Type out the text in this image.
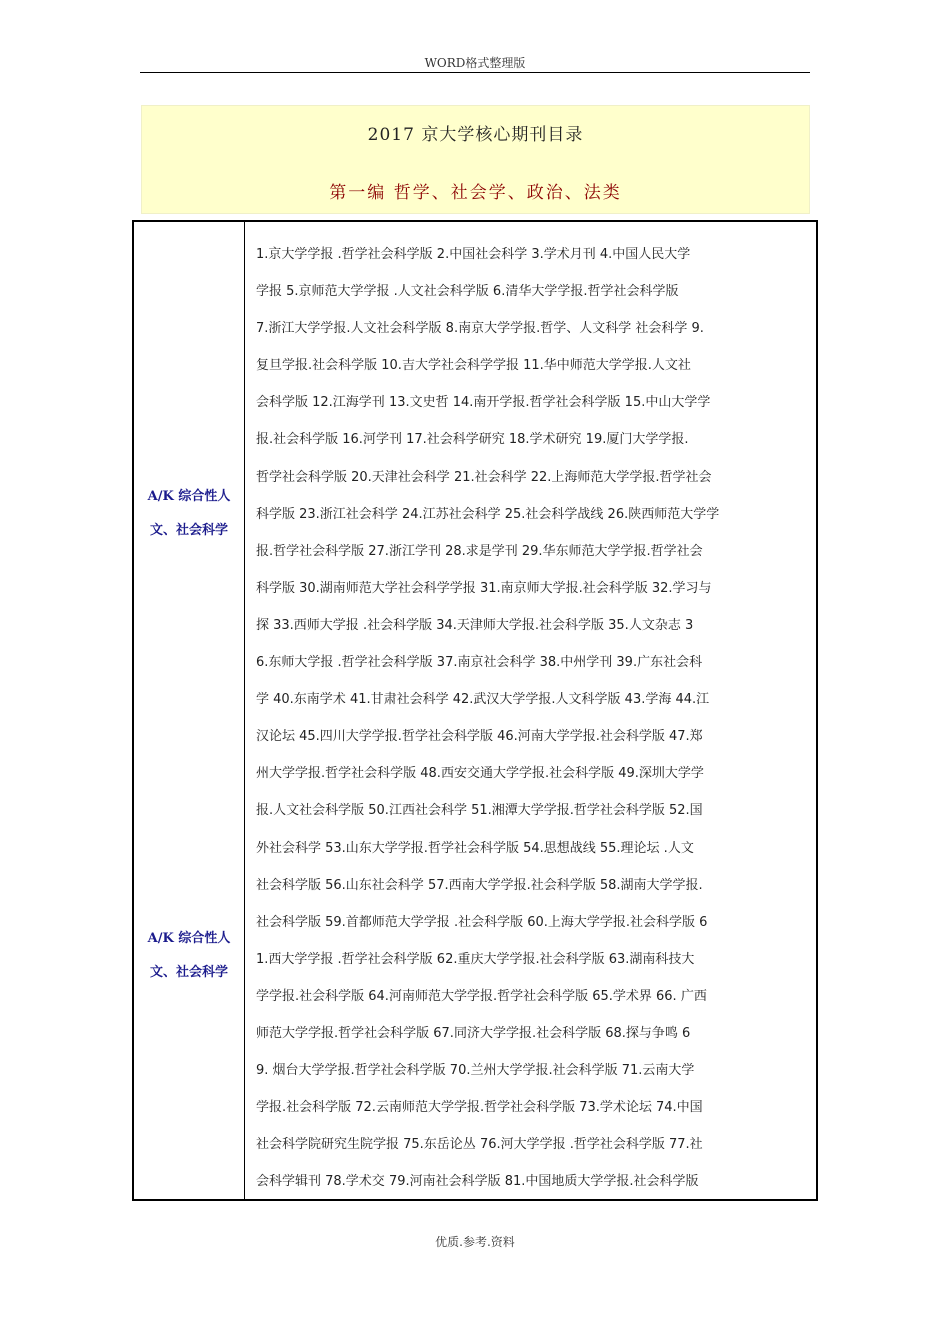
WORD格式整理版
2017 京大学核心期刊目录
第一编 哲学、社会学、政治、法类
A/K 综合性人
文、社会科学
A/K 综合性人
文、社会科学
1.京大学学报 .哲学社会科学版 2.中国社会科学 3.学术月刊 4.中国人民大学
学报 5.京师范大学学报 .人文社会科学版 6.清华大学学报.哲学社会科学版
7.浙江大学学报.人文社会科学版 8.南京大学学报.哲学、人文科学 社会科学 9.
复旦学报.社会科学版 10.吉大学社会科学学报 11.华中师范大学学报.人文社
会科学版 12.江海学刊 13.文史哲 14.南开学报.哲学社会科学版 15.中山大学学
报.社会科学版 16.河学刊 17.社会科学研究 18.学术研究 19.厦门大学学报.
哲学社会科学版 20.天津社会科学 21.社会科学 22.上海师范大学学报.哲学社会
科学版 23.浙江社会科学 24.江苏社会科学 25.社会科学战线 26.陕西师范大学学
报.哲学社会科学版 27.浙江学刊 28.求是学刊 29.华东师范大学学报.哲学社会
科学版 30.湖南师范大学社会科学学报 31.南京师大学报.社会科学版 32.学习与
探 33.西师大学报 .社会科学版 34.天津师大学报.社会科学版 35.人文杂志 3
6.东师大学报 .哲学社会科学版 37.南京社会科学 38.中州学刊 39.广东社会科
学 40.东南学术 41.甘肃社会科学 42.武汉大学学报.人文科学版 43.学海 44.江
汉论坛 45.四川大学学报.哲学社会科学版 46.河南大学学报.社会科学版 47.郑
州大学学报.哲学社会科学版 48.西安交通大学学报.社会科学版 49.深圳大学学
报.人文社会科学版 50.江西社会科学 51.湘潭大学学报.哲学社会科学版 52.国
外社会科学 53.山东大学学报.哲学社会科学版 54.思想战线 55.理论坛 .人文
社会科学版 56.山东社会科学 57.西南大学学报.社会科学版 58.湖南大学学报.
社会科学版 59.首都师范大学学报 .社会科学版 60.上海大学学报.社会科学版 6
1.西大学学报 .哲学社会科学版 62.重庆大学学报.社会科学版 63.湖南科技大
学学报.社会科学版 64.河南师范大学学报.哲学社会科学版 65.学术界 66. 广西
师范大学学报.哲学社会科学版 67.同济大学学报.社会科学版 68.探与争鸣 6
9. 烟台大学学报.哲学社会科学版 70.兰州大学学报.社会科学版 71.云南大学
学报.社会科学版 72.云南师范大学学报.哲学社会科学版 73.学术论坛 74.中国
社会科学院研究生院学报 75.东岳论丛 76.河大学学报 .哲学社会科学版 77.社
会科学辑刊 78.学术交 79.河南社会科学版 81.中国地质大学学报.社会科学版
优质.参考.资料
